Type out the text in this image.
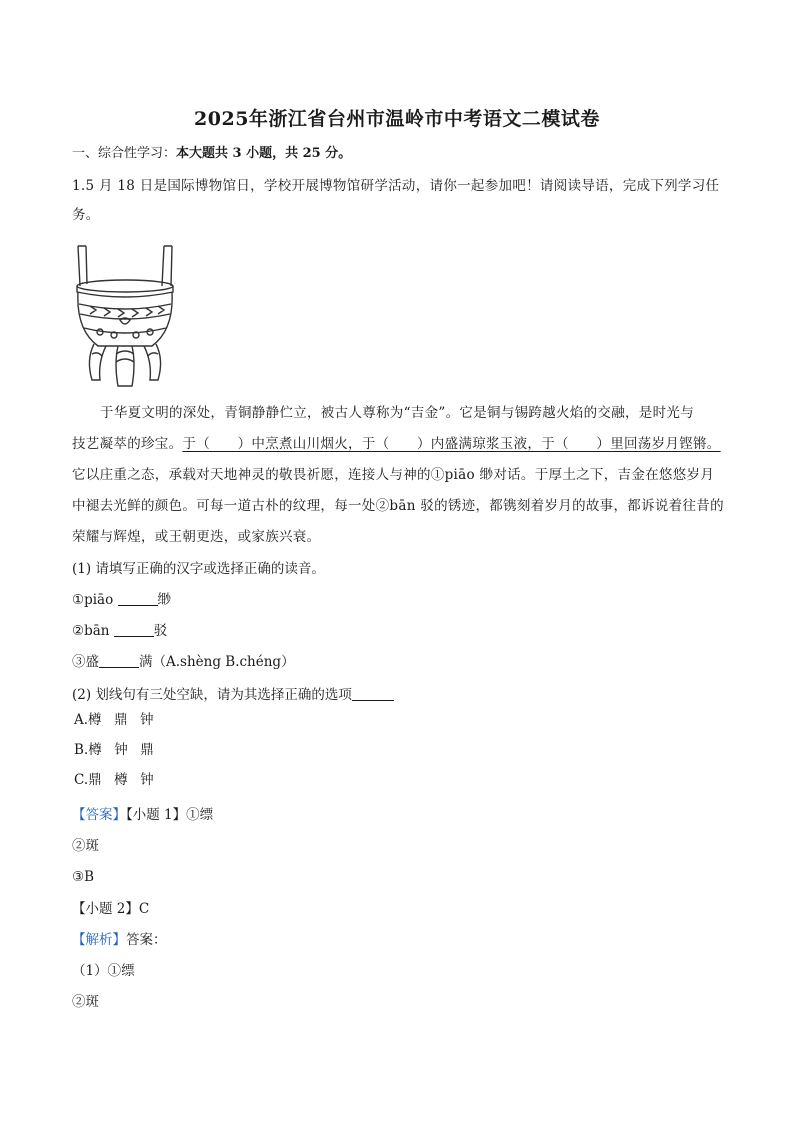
2025年浙江省台州市温岭市中考语文二模试卷
一、综合性学习：本大题共 3 小题，共 25 分。
1.5 月 18 日是国际博物馆日，学校开展博物馆研学活动，请你一起参加吧！请阅读导语，完成下列学习任
务。
于华夏文明的深处，青铜静静伫立，被古人尊称为“吉金”。它是铜与锡跨越火焰的交融，是时光与
技艺凝萃的珍宝。于（　　）中烹煮山川烟火，于（　　）内盛满琼浆玉液，于（　　）里回荡岁月铿锵。
它以庄重之态，承载对天地神灵的敬畏祈愿，连接人与神的①piāo 缈对话。于厚土之下，吉金在悠悠岁月
中褪去光鲜的颜色。可每一道古朴的纹理，每一处②bān 驳的锈迹，都镌刻着岁月的故事，都诉说着往昔的
荣耀与辉煌，或王朝更迭，或家族兴衰。
(1) 请填写正确的汉字或选择正确的读音。
①piāo	缈
②bān	驳
③盛	满（A.shèng B.chéng）
(2) 划线句有三处空缺，请为其选择正确的选项
A.樽 鼎 钟
B.樽 钟 鼎
C.鼎 樽 钟
【答案】【小题 1】①缥
②斑
③B
【小题 2】C
【解析】答案：
（1）①缥
②斑
